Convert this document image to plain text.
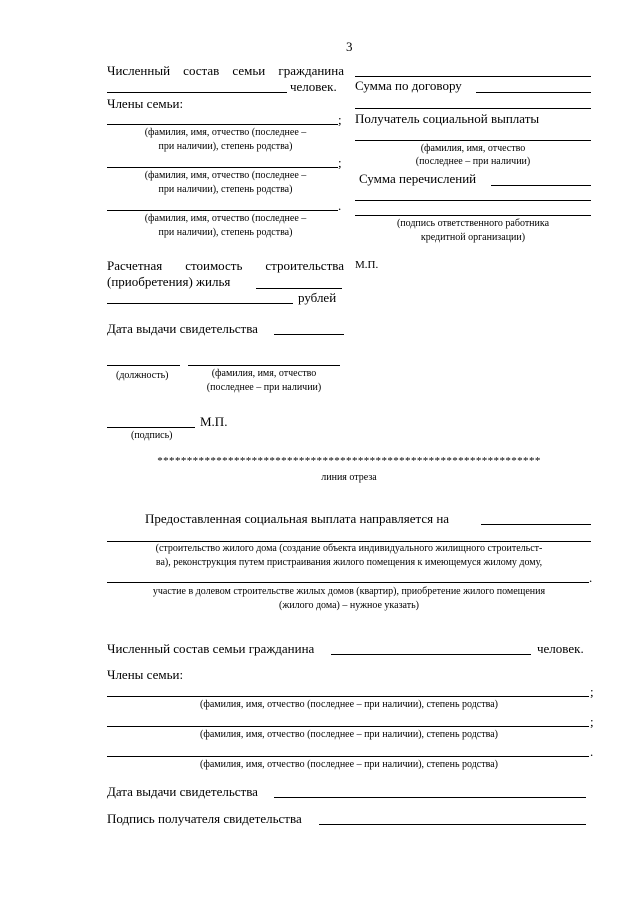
3
Численный состав семьи гражданина
человек.
Члены семьи:
;
(фамилия, имя, отчество (последнее –
при наличии), степень родства)
;
(фамилия, имя, отчество (последнее –
при наличии), степень родства)
.
(фамилия, имя, отчество (последнее –
при наличии), степень родства)
Расчетная стоимость строительства
(приобретения) жилья
рублей
Дата выдачи свидетельства
(должность)	(фамилия, имя, отчество
(последнее – при наличии)
М.П.
(подпись)
Сумма по договору
Получатель социальной выплаты
(фамилия, имя, отчество
(последнее – при наличии)
Сумма перечислений
(подпись ответственного работника
кредитной организации)
М.П.
*****************************************************************
линия отреза
Предоставленная социальная выплата направляется на
(строительство жилого дома (создание объекта индивидуального жилищного строительст-
ва), реконструкция путем пристраивания жилого помещения к имеющемуся жилому дому,
.
участие в долевом строительстве жилых домов (квартир), приобретение жилого помещения
(жилого дома) – нужное указать)
Численный состав семьи гражданина	человек.
Члены семьи:
;
(фамилия, имя, отчество (последнее – при наличии), степень родства)
;
(фамилия, имя, отчество (последнее – при наличии), степень родства)
.
(фамилия, имя, отчество (последнее – при наличии), степень родства)
Дата выдачи свидетельства
Подпись получателя свидетельства
